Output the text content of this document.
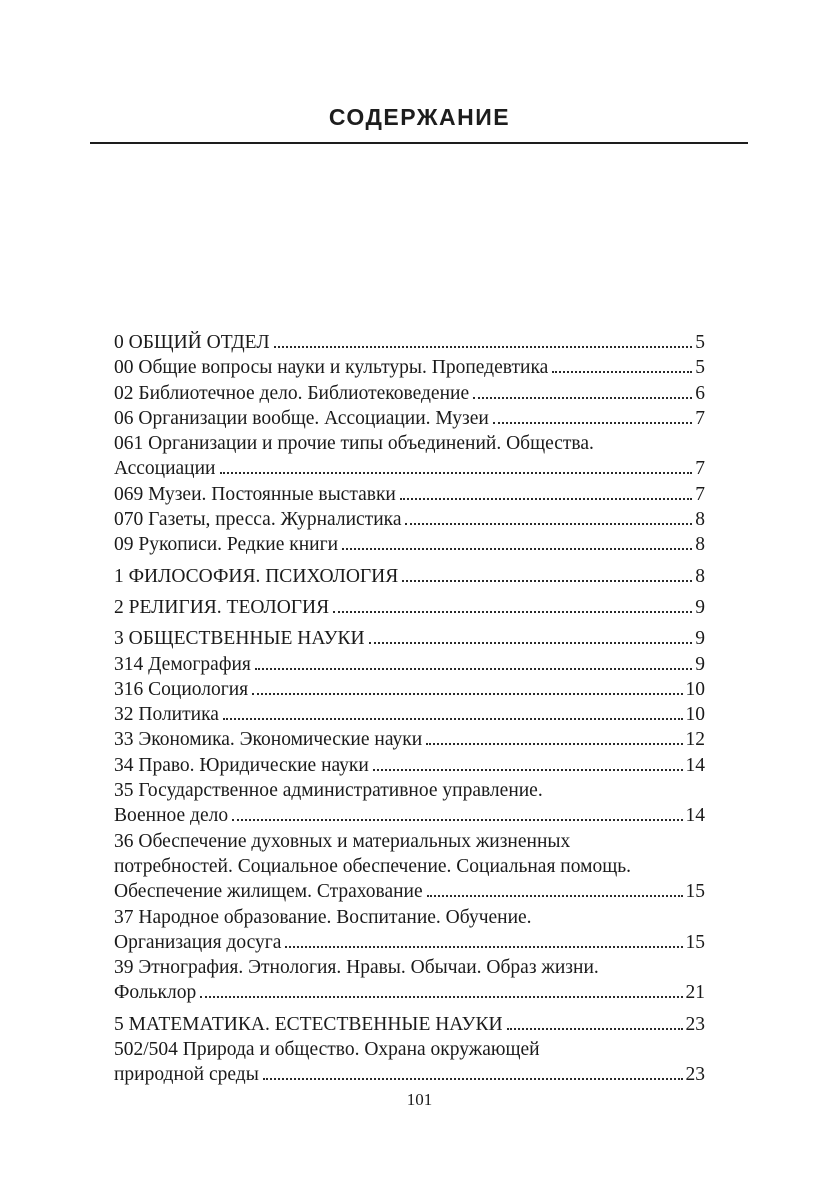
СОДЕРЖАНИЕ
0 ОБЩИЙ ОТДЕЛ	5
00 Общие вопросы науки и культуры. Пропедевтика	5
02 Библиотечное дело. Библиотековедение	6
06 Организации вообще. Ассоциации. Музеи	7
061 Организации и прочие типы объединений. Общества.
Ассоциации	7
069 Музеи. Постоянные выставки	7
070 Газеты, пресса. Журналистика	8
09 Рукописи. Редкие книги	8
1 ФИЛОСОФИЯ. ПСИХОЛОГИЯ	8
2 РЕЛИГИЯ. ТЕОЛОГИЯ	9
3 ОБЩЕСТВЕННЫЕ НАУКИ	9
314 Демография	9
316 Социология	10
32 Политика	10
33 Экономика. Экономические науки	12
34 Право. Юридические науки	14
35 Государственное административное управление.
Военное дело	14
36 Обеспечение духовных и материальных жизненных
потребностей. Социальное обеспечение. Социальная помощь.
Обеспечение жилищем. Страхование	15
37 Народное образование. Воспитание. Обучение.
Организация досуга	15
39 Этнография. Этнология. Нравы. Обычаи. Образ жизни.
Фольклор	21
5 МАТЕМАТИКА. ЕСТЕСТВЕННЫЕ НАУКИ	23
502/504 Природа и общество. Охрана окружающей
природной среды	23
101
